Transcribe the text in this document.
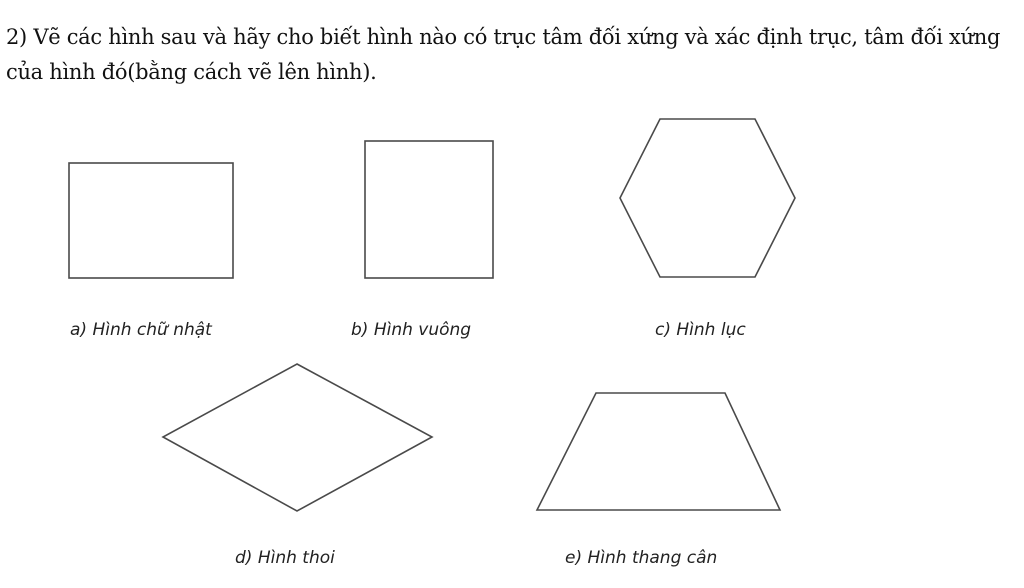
2) Vẽ các hình sau và hãy cho biết hình nào có trục tâm đối xứng và xác định trục, tâm đối xứng của hình đó(bằng cách vẽ lên hình).
a) Hình chữ nhật	b) Hình vuông	c) Hình lục
d) Hình thoi	e) Hình thang cân
